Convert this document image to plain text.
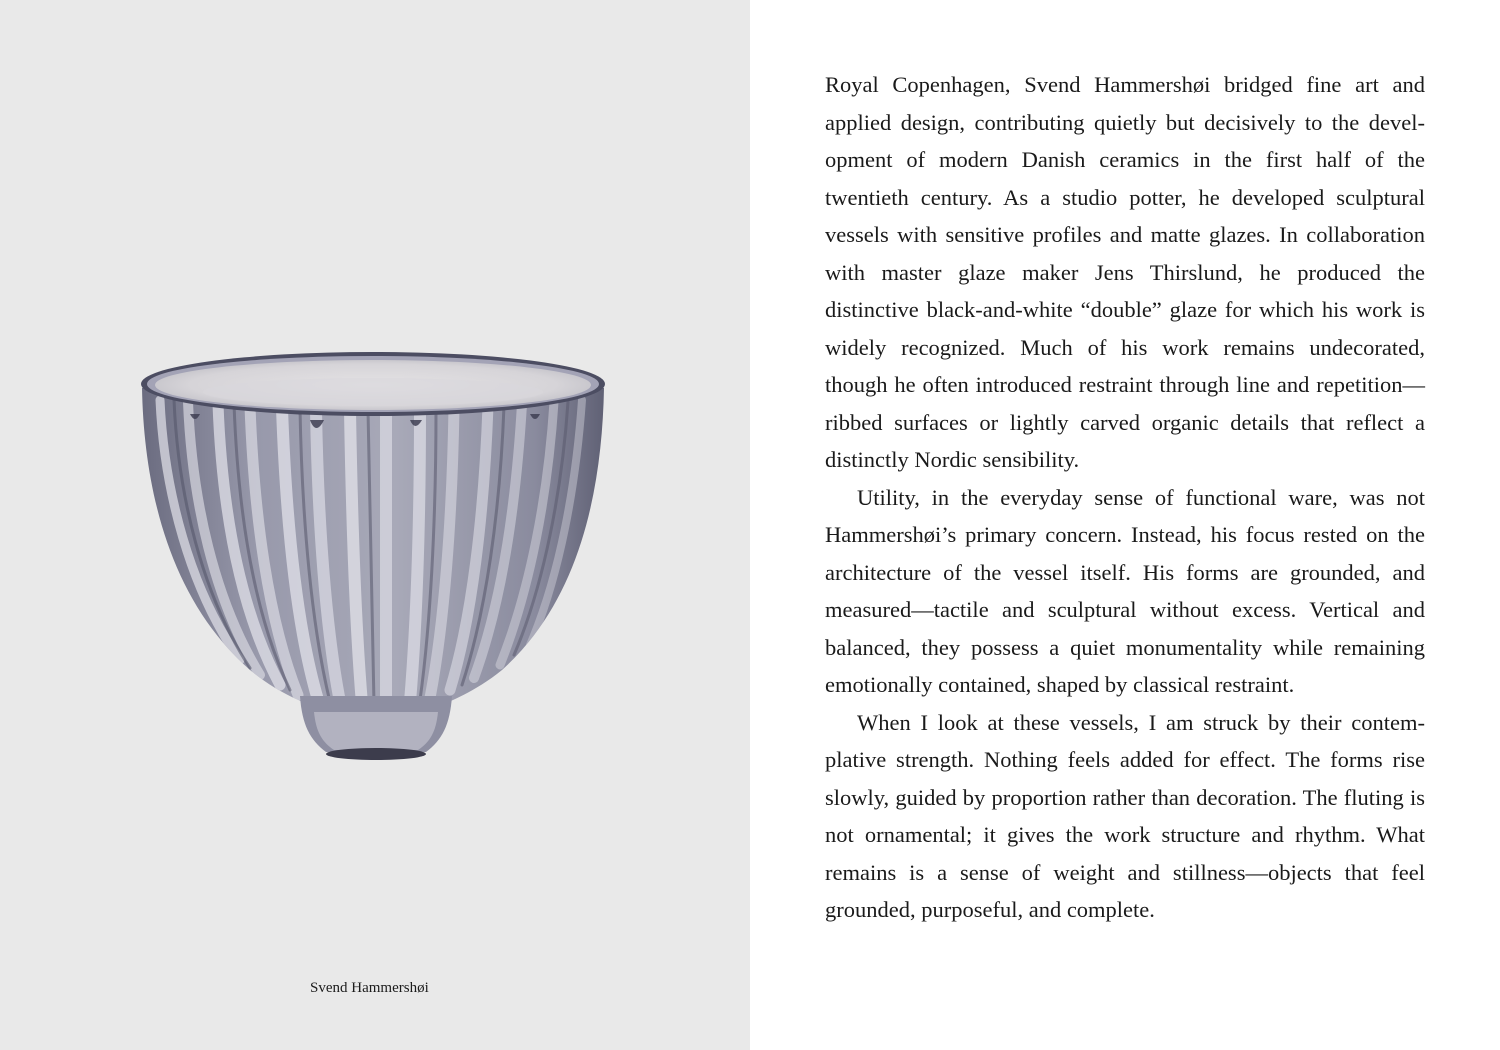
Svend Hammershøi

Royal Copenhagen, Svend Hammershøi bridged fine art and applied design, contributing quietly but decisively to the development of modern Danish ceramics in the first half of the twentieth century. As a studio potter, he developed sculptural vessels with sensitive profiles and matte glazes. In collaboration with master glaze maker Jens Thirslund, he produced the distinctive black-and-white “double” glaze for which his work is widely recognized. Much of his work remains undecorated, though he often introduced restraint through line and repetition—ribbed surfaces or lightly carved organic details that reflect a distinctly Nordic sensibility.

Utility, in the everyday sense of functional ware, was not Hammershøi’s primary concern. Instead, his focus rested on the architecture of the vessel itself. His forms are grounded, and measured—tactile and sculptural without excess. Vertical and balanced, they possess a quiet monumentality while remaining emotionally contained, shaped by classical restraint.

When I look at these vessels, I am struck by their contemplative strength. Nothing feels added for effect. The forms rise slowly, guided by proportion rather than decoration. The fluting is not ornamental; it gives the work structure and rhythm. What remains is a sense of weight and stillness—objects that feel grounded, purposeful, and complete.
